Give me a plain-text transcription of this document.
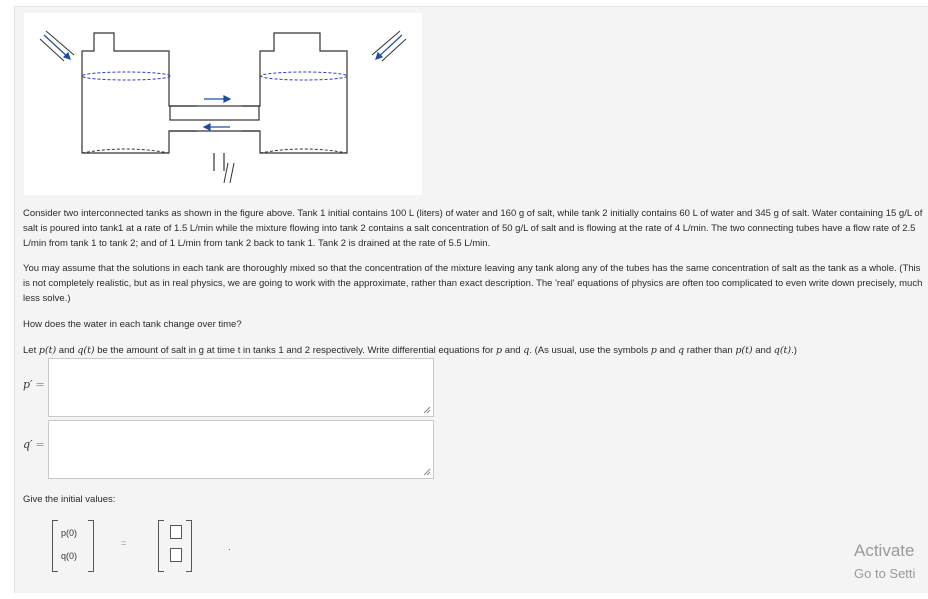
Consider two interconnected tanks as shown in the figure above. Tank 1 initial contains 100 L (liters) of water and 160 g of salt, while tank 2 initially contains 60 L of water and 345 g of salt. Water containing 15 g/L of salt is poured into tank1 at a rate of 1.5 L/min while the mixture flowing into tank 2 contains a salt concentration of 50 g/L of salt and is flowing at the rate of 4 L/min. The two connecting tubes have a flow rate of 2.5 L/min from tank 1 to tank 2; and of 1 L/min from tank 2 back to tank 1. Tank 2 is drained at the rate of 5.5 L/min.
You may assume that the solutions in each tank are thoroughly mixed so that the concentration of the mixture leaving any tank along any of the tubes has the same concentration of salt as the tank as a whole. (This is not completely realistic, but as in real physics, we are going to work with the approximate, rather than exact description. The 'real' equations of physics are often too complicated to even write down precisely, much less solve.)
How does the water in each tank change over time?
Let p(t) and q(t) be the amount of salt in g at time t in tanks 1 and 2 respectively. Write differential equations for p and q. (As usual, use the symbols p and q rather than p(t) and q(t).)
p′ =
q′ =
Give the initial values:
p(0)
q(0)
=	.	Activate
Go to Setti
